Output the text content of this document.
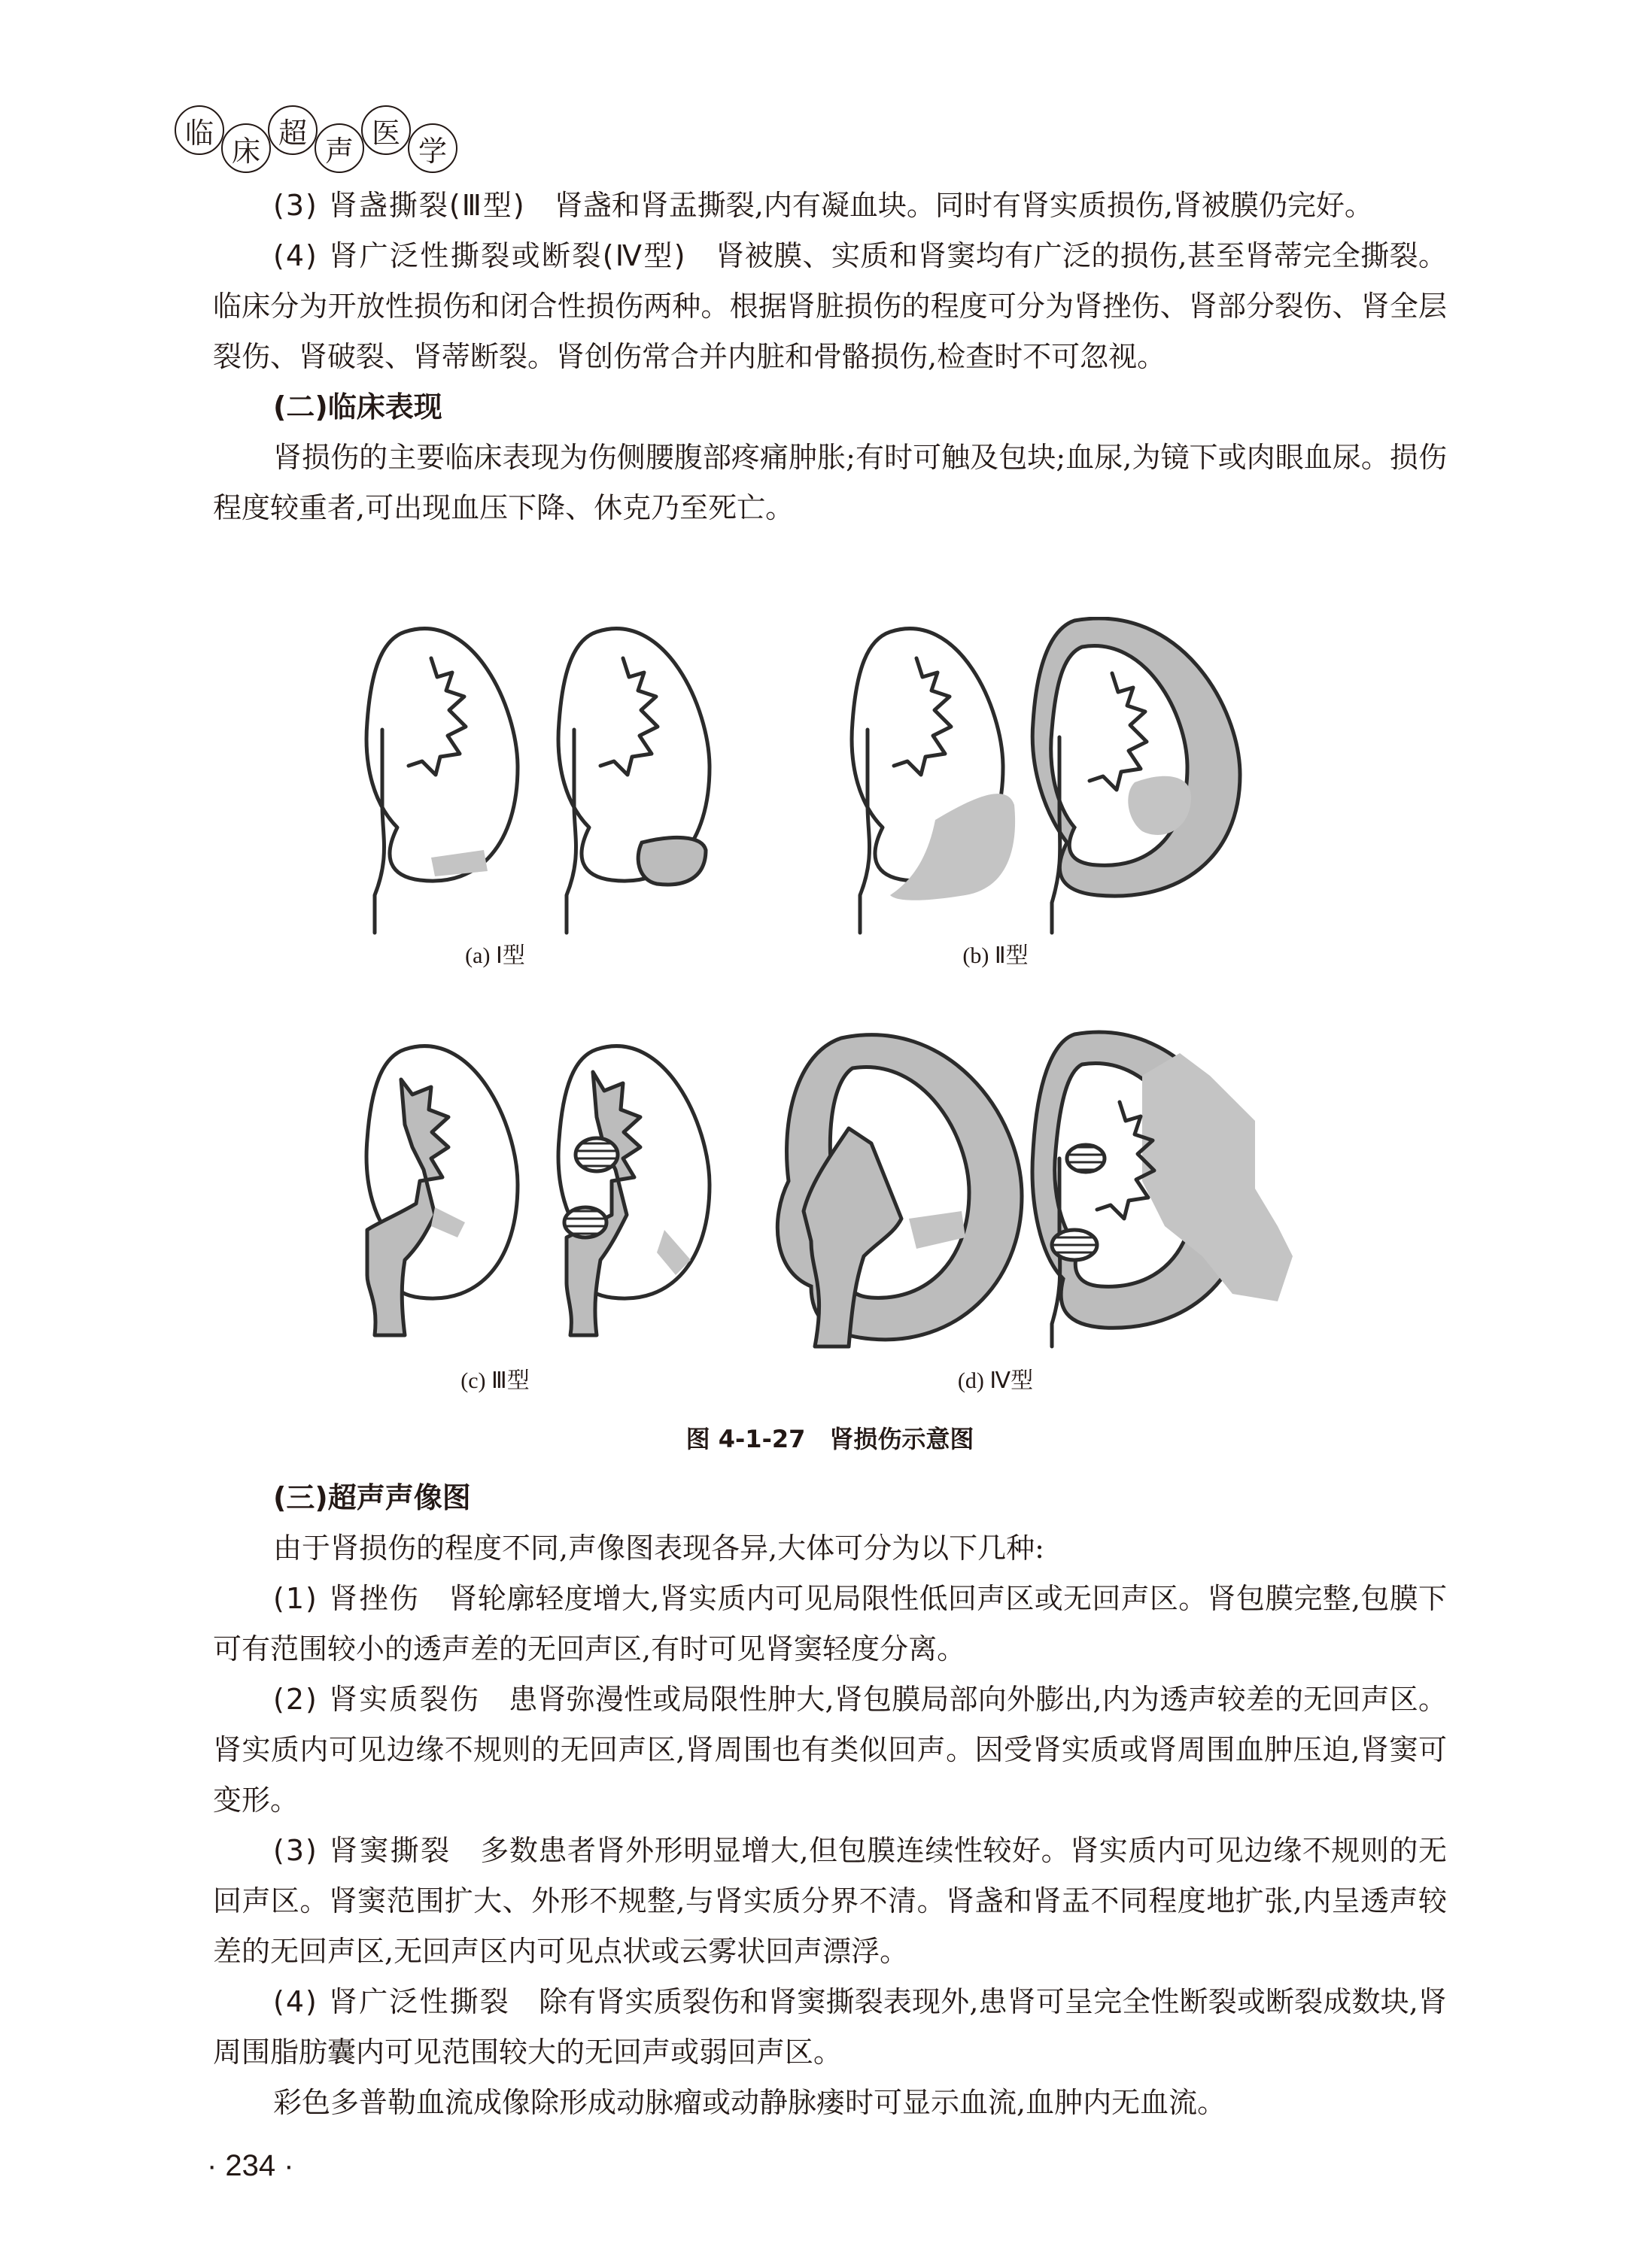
临
床
超
声
医
学

(3) 肾盏撕裂(Ⅲ型)　肾盏和肾盂撕裂,内有凝血块。同时有肾实质损伤,肾被膜仍完好。

(4) 肾广泛性撕裂或断裂(Ⅳ型)　肾被膜、实质和肾窦均有广泛的损伤,甚至肾蒂完全撕裂。临床分为开放性损伤和闭合性损伤两种。根据肾脏损伤的程度可分为肾挫伤、肾部分裂伤、肾全层裂伤、肾破裂、肾蒂断裂。肾创伤常合并内脏和骨骼损伤,检查时不可忽视。

(二)临床表现

肾损伤的主要临床表现为伤侧腰腹部疼痛肿胀;有时可触及包块;血尿,为镜下或肉眼血尿。损伤程度较重者,可出现血压下降、休克乃至死亡。

(a) Ⅰ型	(b) Ⅱ型
(c) Ⅲ型	(d) Ⅳ型
图 4-1-27　肾损伤示意图
(三)超声声像图

由于肾损伤的程度不同,声像图表现各异,大体可分为以下几种:

(1) 肾挫伤　肾轮廓轻度增大,肾实质内可见局限性低回声区或无回声区。肾包膜完整,包膜下可有范围较小的透声差的无回声区,有时可见肾窦轻度分离。

(2) 肾实质裂伤　患肾弥漫性或局限性肿大,肾包膜局部向外膨出,内为透声较差的无回声区。肾实质内可见边缘不规则的无回声区,肾周围也有类似回声。因受肾实质或肾周围血肿压迫,肾窦可变形。

(3) 肾窦撕裂　多数患者肾外形明显增大,但包膜连续性较好。肾实质内可见边缘不规则的无回声区。肾窦范围扩大、外形不规整,与肾实质分界不清。肾盏和肾盂不同程度地扩张,内呈透声较差的无回声区,无回声区内可见点状或云雾状回声漂浮。

(4) 肾广泛性撕裂　除有肾实质裂伤和肾窦撕裂表现外,患肾可呈完全性断裂或断裂成数块,肾周围脂肪囊内可见范围较大的无回声或弱回声区。

彩色多普勒血流成像除形成动脉瘤或动静脉瘘时可显示血流,血肿内无血流。

· 234 ·
